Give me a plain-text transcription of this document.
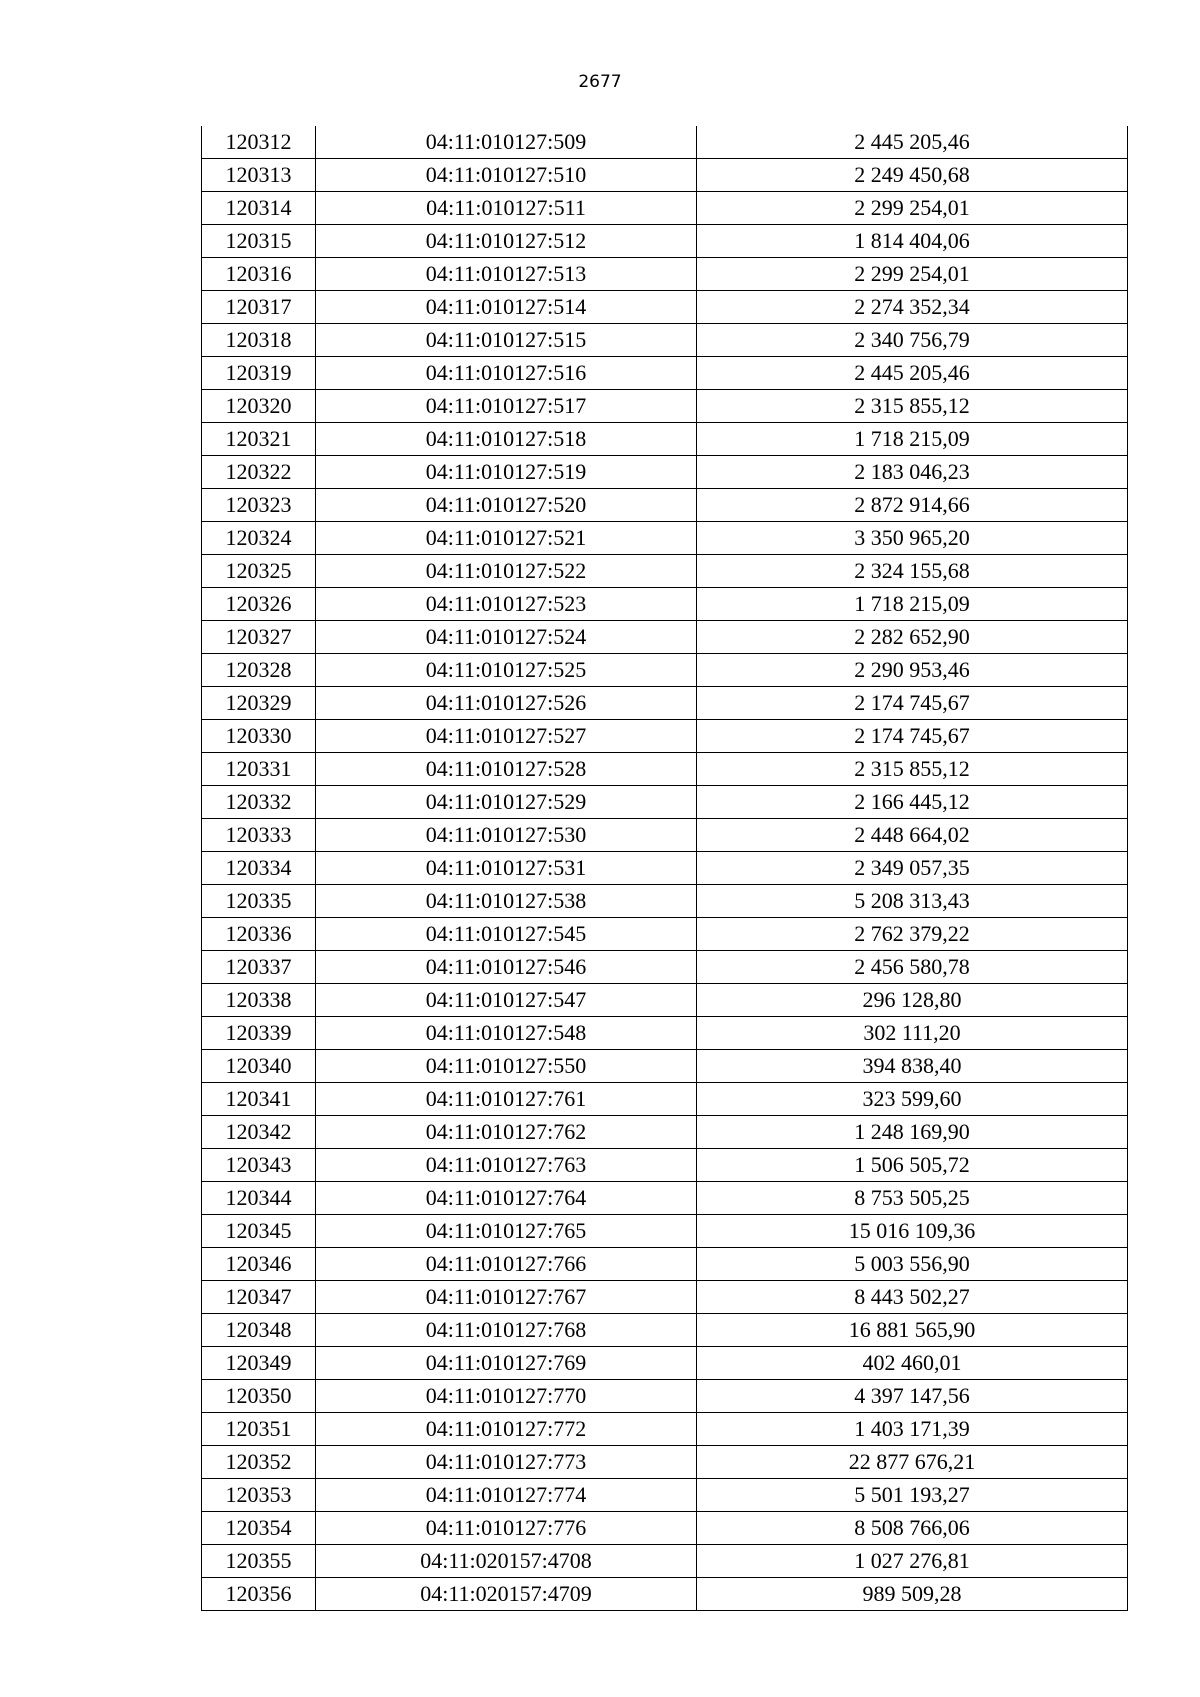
2677
120312	04:11:010127:509	2 445 205,46
120313	04:11:010127:510	2 249 450,68
120314	04:11:010127:511	2 299 254,01
120315	04:11:010127:512	1 814 404,06
120316	04:11:010127:513	2 299 254,01
120317	04:11:010127:514	2 274 352,34
120318	04:11:010127:515	2 340 756,79
120319	04:11:010127:516	2 445 205,46
120320	04:11:010127:517	2 315 855,12
120321	04:11:010127:518	1 718 215,09
120322	04:11:010127:519	2 183 046,23
120323	04:11:010127:520	2 872 914,66
120324	04:11:010127:521	3 350 965,20
120325	04:11:010127:522	2 324 155,68
120326	04:11:010127:523	1 718 215,09
120327	04:11:010127:524	2 282 652,90
120328	04:11:010127:525	2 290 953,46
120329	04:11:010127:526	2 174 745,67
120330	04:11:010127:527	2 174 745,67
120331	04:11:010127:528	2 315 855,12
120332	04:11:010127:529	2 166 445,12
120333	04:11:010127:530	2 448 664,02
120334	04:11:010127:531	2 349 057,35
120335	04:11:010127:538	5 208 313,43
120336	04:11:010127:545	2 762 379,22
120337	04:11:010127:546	2 456 580,78
120338	04:11:010127:547	296 128,80
120339	04:11:010127:548	302 111,20
120340	04:11:010127:550	394 838,40
120341	04:11:010127:761	323 599,60
120342	04:11:010127:762	1 248 169,90
120343	04:11:010127:763	1 506 505,72
120344	04:11:010127:764	8 753 505,25
120345	04:11:010127:765	15 016 109,36
120346	04:11:010127:766	5 003 556,90
120347	04:11:010127:767	8 443 502,27
120348	04:11:010127:768	16 881 565,90
120349	04:11:010127:769	402 460,01
120350	04:11:010127:770	4 397 147,56
120351	04:11:010127:772	1 403 171,39
120352	04:11:010127:773	22 877 676,21
120353	04:11:010127:774	5 501 193,27
120354	04:11:010127:776	8 508 766,06
120355	04:11:020157:4708	1 027 276,81
120356	04:11:020157:4709	989 509,28
